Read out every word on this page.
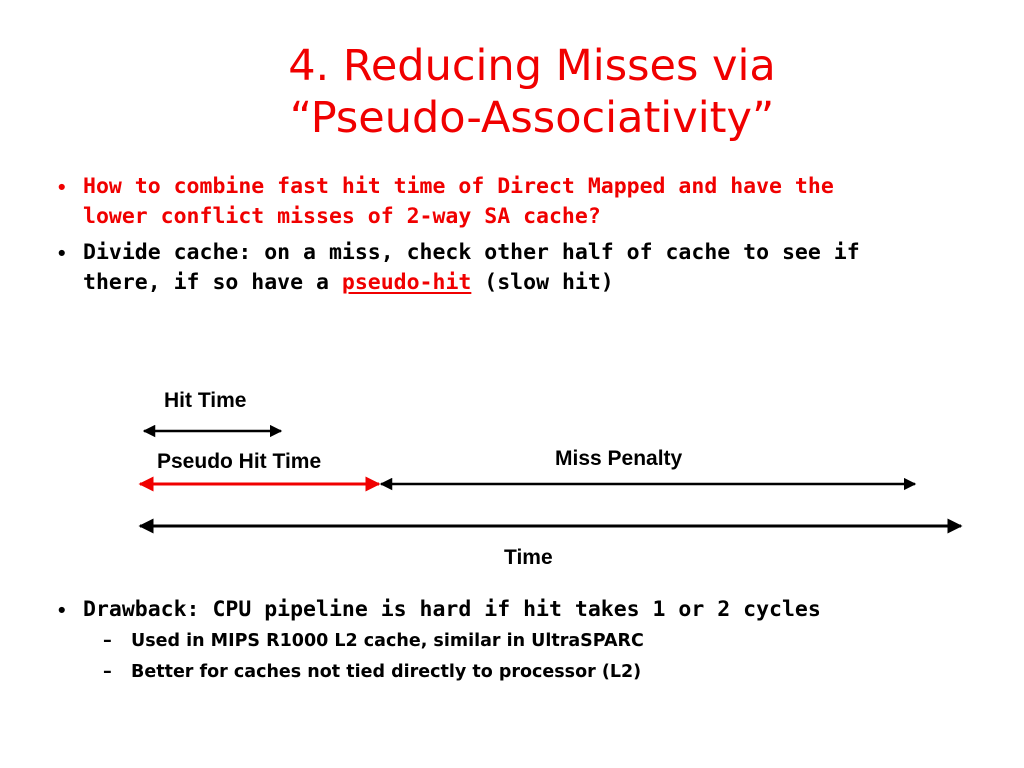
4. Reducing Misses via
“Pseudo-Associativity”
• How to combine fast hit time of Direct Mapped and have the
lower conflict misses of 2-way SA cache?
• Divide cache: on a miss, check other half of cache to see if
there, if so have a pseudo-hit (slow hit)
Hit Time
Pseudo Hit Time	Miss Penalty
Time
• Drawback: CPU pipeline is hard if hit takes 1 or 2 cycles
– Used in MIPS R1000 L2 cache, similar in UltraSPARC
– Better for caches not tied directly to processor (L2)
